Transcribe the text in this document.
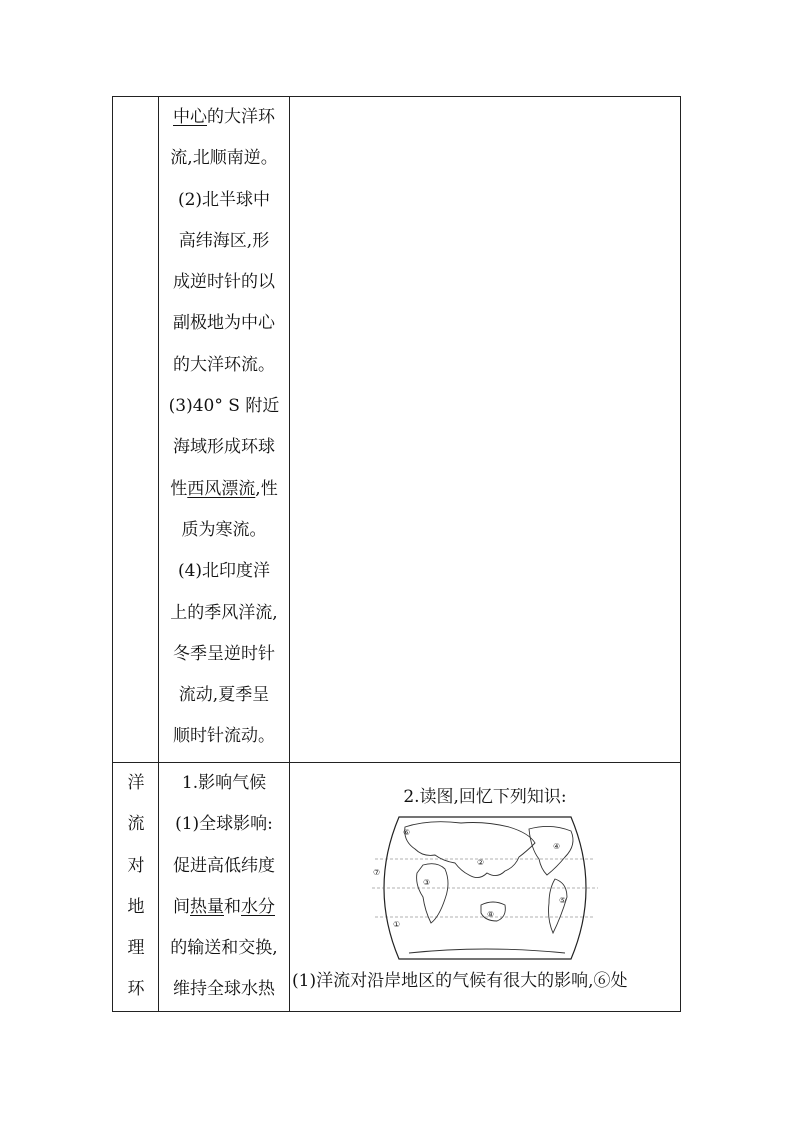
中心的大洋环
流,北顺南逆。
(2)北半球中
高纬海区,形
成逆时针的以
副极地为中心
的大洋环流。
(3)40° S 附近
海域形成环球
性西风漂流,性
质为寒流。
(4)北印度洋
上的季风洋流,
冬季呈逆时针
流动,夏季呈
顺时针流动。
洋
流
对
地
理
环
1.影响气候
(1)全球影响:
促进高低纬度
间热量和水分
的输送和交换,
维持全球水热
2.读图,回忆下列知识:
①
②
③
④
⑤
⑥
⑦
⑧
(1)洋流对沿岸地区的气候有很大的影响,⑥处
